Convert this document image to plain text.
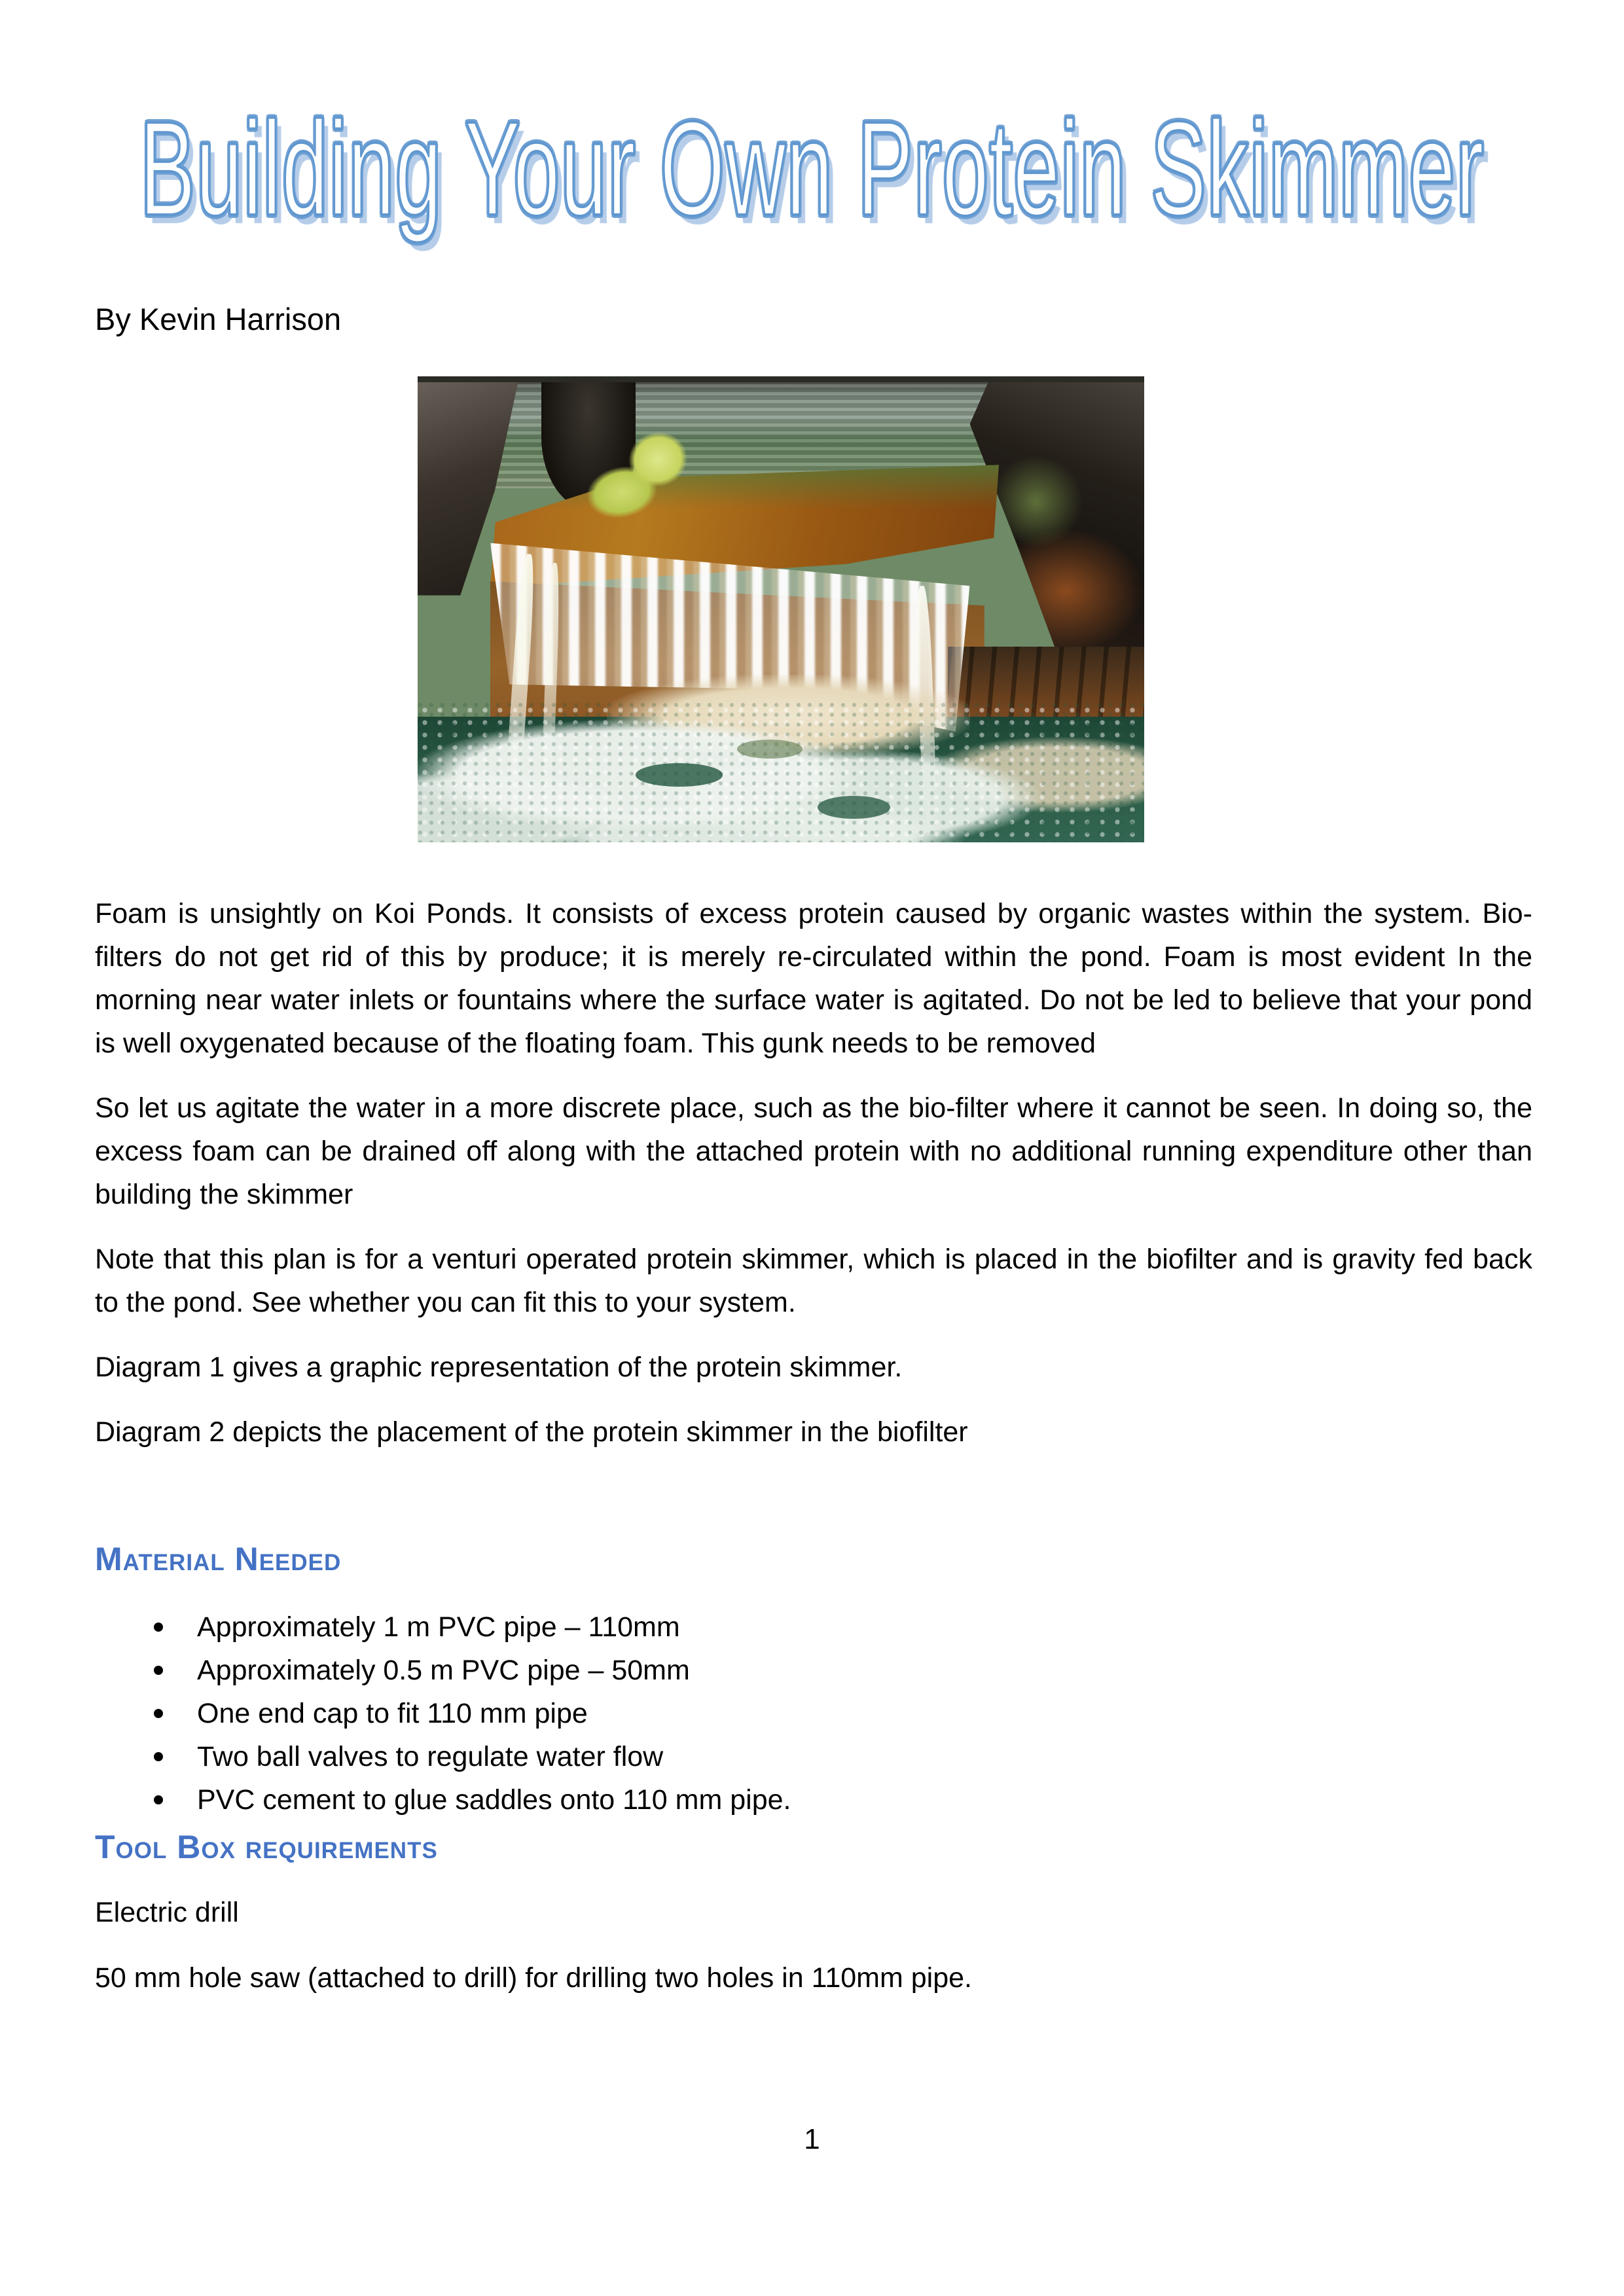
Building Your Own Protein Skimmer
By Kevin Harrison

Foam is unsightly on Koi Ponds. It consists of excess protein caused by organic wastes within the system. Bio-filters do not get rid of this by produce; it is merely re-circulated within the pond. Foam is most evident In the morning near water inlets or fountains where the surface water is agitated. Do not be led to believe that your pond is well oxygenated because of the floating foam. This gunk needs to be removed

So let us agitate the water in a more discrete place, such as the bio-filter where it cannot be seen. In doing so, the excess foam can be drained off along with the attached protein with no additional running expenditure other than building the skimmer

Note that this plan is for a venturi operated protein skimmer, which is placed in the biofilter and is gravity fed back to the pond. See whether you can fit this to your system.

Diagram 1 gives a graphic representation of the protein skimmer.

Diagram 2 depicts the placement of the protein skimmer in the biofilter

Material Needed
Approximately 1 m PVC pipe – 110mm
Approximately 0.5 m PVC pipe – 50mm
One end cap to fit 110 mm pipe
Two ball valves to regulate water flow
PVC cement to glue saddles onto 110 mm pipe.
Tool Box requirements

Electric drill

50 mm hole saw (attached to drill) for drilling two holes in 110mm pipe.

1
